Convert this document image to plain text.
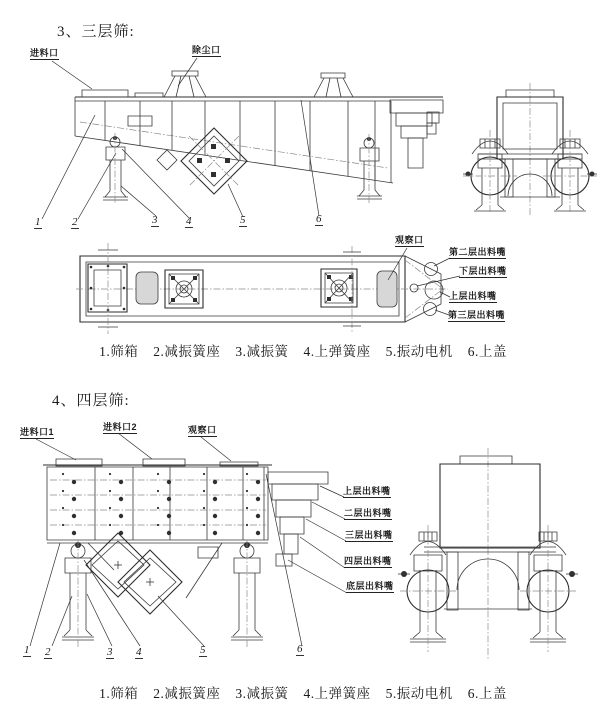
3、三层筛:
进料口	除尘口
观察口
第二层出料嘴
下层出料嘴
上层出料嘴
第三层出料嘴
1	2	3	4	5	6
1.筛箱 2.减振簧座 3.减振簧 4.上弹簧座 5.振动电机 6.上盖
4、四层筛:
进料口1	进料口2	观察口
上层出料嘴
二层出料嘴
三层出料嘴
四层出料嘴
底层出料嘴
1 2	3 4	5	6
1.筛箱 2.减振簧座 3.减振簧 4.上弹簧座 5.振动电机 6.上盖
